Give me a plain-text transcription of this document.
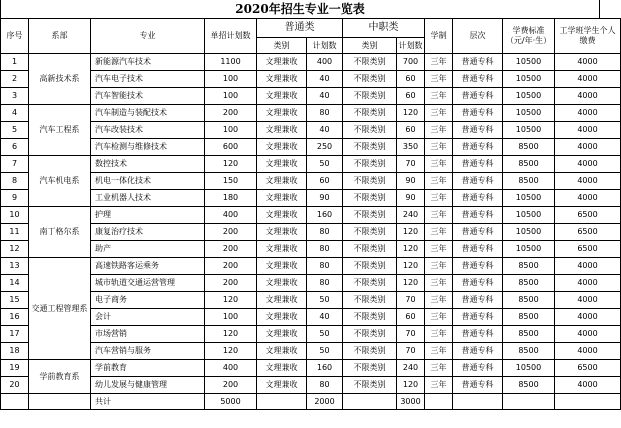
2020年招生专业一览表
序号	系部	专业	单招计划数	普通类		中职类		学制	层次	学费标准（元/年·生）	工学班学生个人缴费
				类别	计划数	类别	计划数				
1	高新技术系	新能源汽车技术	1100	文理兼收	400	不限类别	700	三年	普通专科	10500	4000
2		汽车电子技术	100	文理兼收	40	不限类别	60	三年	普通专科	10500	4000
3		汽车智能技术	100	文理兼收	40	不限类别	60	三年	普通专科	10500	4000
4	汽车工程系	汽车制造与装配技术	200	文理兼收	80	不限类别	120	三年	普通专科	10500	4000
5		汽车改装技术	100	文理兼收	40	不限类别	60	三年	普通专科	10500	4000
6		汽车检测与维修技术	600	文理兼收	250	不限类别	350	三年	普通专科	8500	4000
7	汽车机电系	数控技术	120	文理兼收	50	不限类别	70	三年	普通专科	8500	4000
8		机电一体化技术	150	文理兼收	60	不限类别	90	三年	普通专科	8500	4000
9		工业机器人技术	180	文理兼收	90	不限类别	90	三年	普通专科	10500	4000
10	南丁格尔系	护理	400	文理兼收	160	不限类别	240	三年	普通专科	10500	6500
11		康复治疗技术	200	文理兼收	80	不限类别	120	三年	普通专科	10500	6500
12		助产	200	文理兼收	80	不限类别	120	三年	普通专科	10500	6500
13	交通工程管理系	高速铁路客运乘务	200	文理兼收	80	不限类别	120	三年	普通专科	8500	4000
14		城市轨道交通运营管理	200	文理兼收	80	不限类别	120	三年	普通专科	8500	4000
15		电子商务	120	文理兼收	50	不限类别	70	三年	普通专科	8500	4000
16		会计	100	文理兼收	40	不限类别	60	三年	普通专科	8500	4000
17		市场营销	120	文理兼收	50	不限类别	70	三年	普通专科	8500	4000
18		汽车营销与服务	120	文理兼收	50	不限类别	70	三年	普通专科	8500	4000
19	学前教育系	学前教育	400	文理兼收	160	不限类别	240	三年	普通专科	10500	6500
20		幼儿发展与健康管理	200	文理兼收	80	不限类别	120	三年	普通专科	8500	4000
		共计	5000		2000		3000				
